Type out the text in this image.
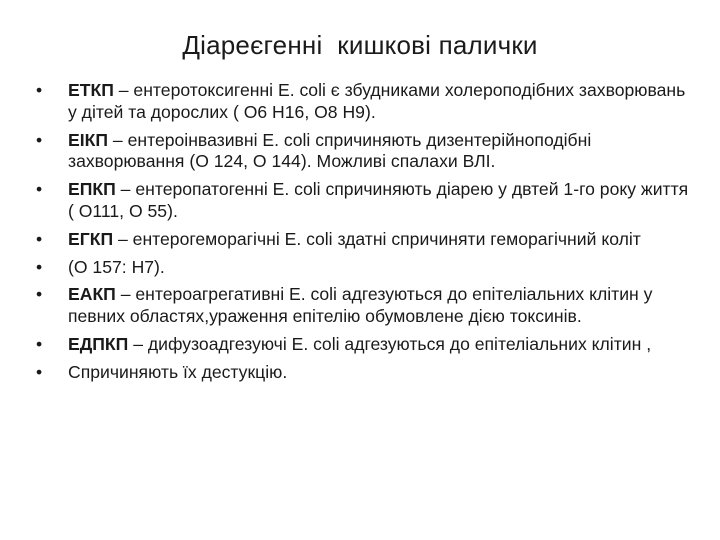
Діареєгенні  кишкові палички
•	ЕТКП – ентеротоксигенні E. coli є збудниками холероподібних захворювань у дітей та дорослих ( O6 H16, O8 H9).
•	ЕІКП – ентероінвазивні E. coli спричиняють дизентерійноподібні захворювання (O 124, O 144). Можливі спалахи ВЛІ.
•	ЕПКП – ентеропатогенні E. coli спричиняють діарею у двтей 1-го року життя ( O111, O 55).
•	ЕГКП – ентерогеморагічні E. coli здатні спричиняти геморагічний коліт
•	(O 157: H7).
•	ЕАКП – ентероагрегативні E. coli адгезуються до епітеліальних клітин у певних областях,ураження епітелію обумовлене дією токсинів.
•	ЕДПКП – дифузоадгезуючі E. coli адгезуються до епітеліальних клітин ,
•	Спричиняють їх дестукцію.
